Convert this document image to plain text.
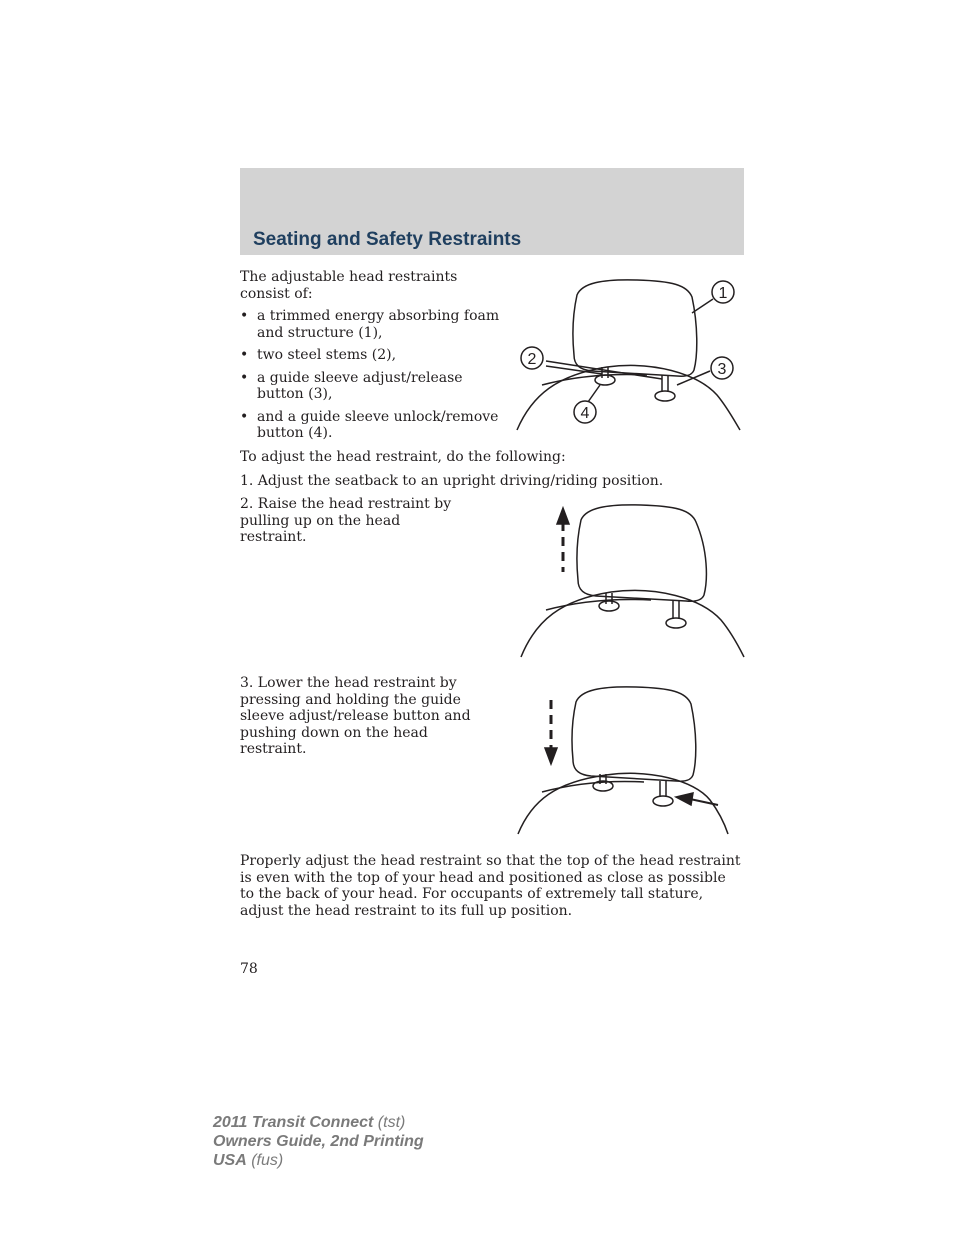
Seating and Safety Restraints
The adjustable head restraints consist of:
• a trimmed energy absorbing foam and structure (1),
• two steel stems (2),
• a guide sleeve adjust/release button (3),
• and a guide sleeve unlock/remove button (4).
1
2
3
4

To adjust the head restraint, do the following:

1. Adjust the seatback to an upright driving/riding position.

2. Raise the head restraint by pulling up on the head restraint.

3. Lower the head restraint by pressing and holding the guide sleeve adjust/release button and pushing down on the head restraint.

Properly adjust the head restraint so that the top of the head restraint is even with the top of your head and positioned as close as possible to the back of your head. For occupants of extremely tall stature, adjust the head restraint to its full up position.

78
2011 Transit Connect (tst)
Owners Guide, 2nd Printing
USA (fus)
